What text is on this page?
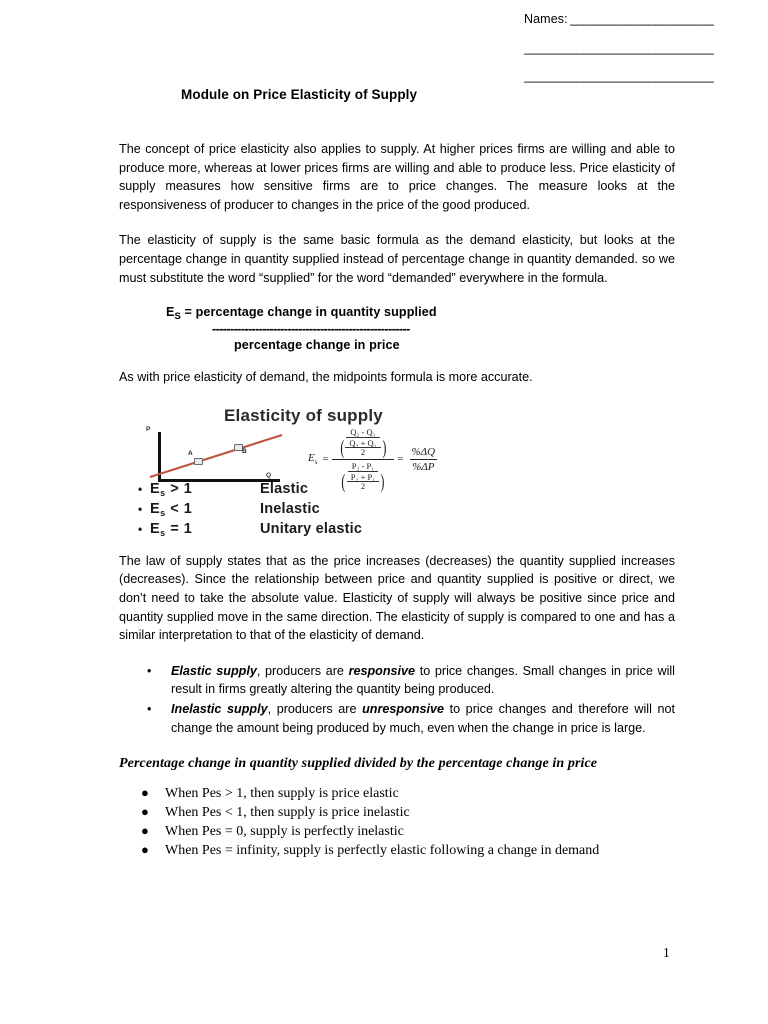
Names: ______________________
_____________________________
_____________________________
Module on Price Elasticity of Supply

The concept of price elasticity also applies to supply. At higher prices firms are willing and able to produce more, whereas at lower prices firms are willing and able to produce less. Price elasticity of supply measures how sensitive firms are to price changes. The measure looks at the responsiveness of producer to changes in the price of the good produced.

The elasticity of supply is the same basic formula as the demand elasticity, but looks at the percentage change in quantity supplied instead of percentage change in quantity demanded. so we must substitute the word “supplied” for the word “demanded” everywhere in the formula.

$E_S$ = percentage change in quantity supplied
-------------------------------------------------------
percentage change in price

As with price elasticity of demand, the midpoints formula is more accurate.

Elasticity of supply
P
Q
A	B
$E_s$ =
Q₂ - Q₁
( Q₂ + Q₁
2 )
P₂ - P₁
( P₂ + P₁
2 )
= $\frac{\%\Delta Q}{\%\Delta P}$
• $E_s > 1$	Elastic
• $E_s < 1$	Inelastic
• $E_s = 1$	Unitary elastic

The law of supply states that as the price increases (decreases) the quantity supplied increases (decreases). Since the relationship between price and quantity supplied is positive or direct, we don’t need to take the absolute value. Elasticity of supply will always be positive since price and quantity supplied move in the same direction. The elasticity of supply is compared to one and has a similar interpretation to that of the elasticity of demand.

• Elastic supply, producers are responsive to price changes. Small changes in price will result in firms greatly altering the quantity being produced.
• Inelastic supply, producers are unresponsive to price changes and therefore will not change the amount being produced by much, even when the change in price is large.
Percentage change in quantity supplied divided by the percentage change in price
● When Pes > 1, then supply is price elastic
● When Pes < 1, then supply is price inelastic
● When Pes = 0, supply is perfectly inelastic
● When Pes = infinity, supply is perfectly elastic following a change in demand
1
